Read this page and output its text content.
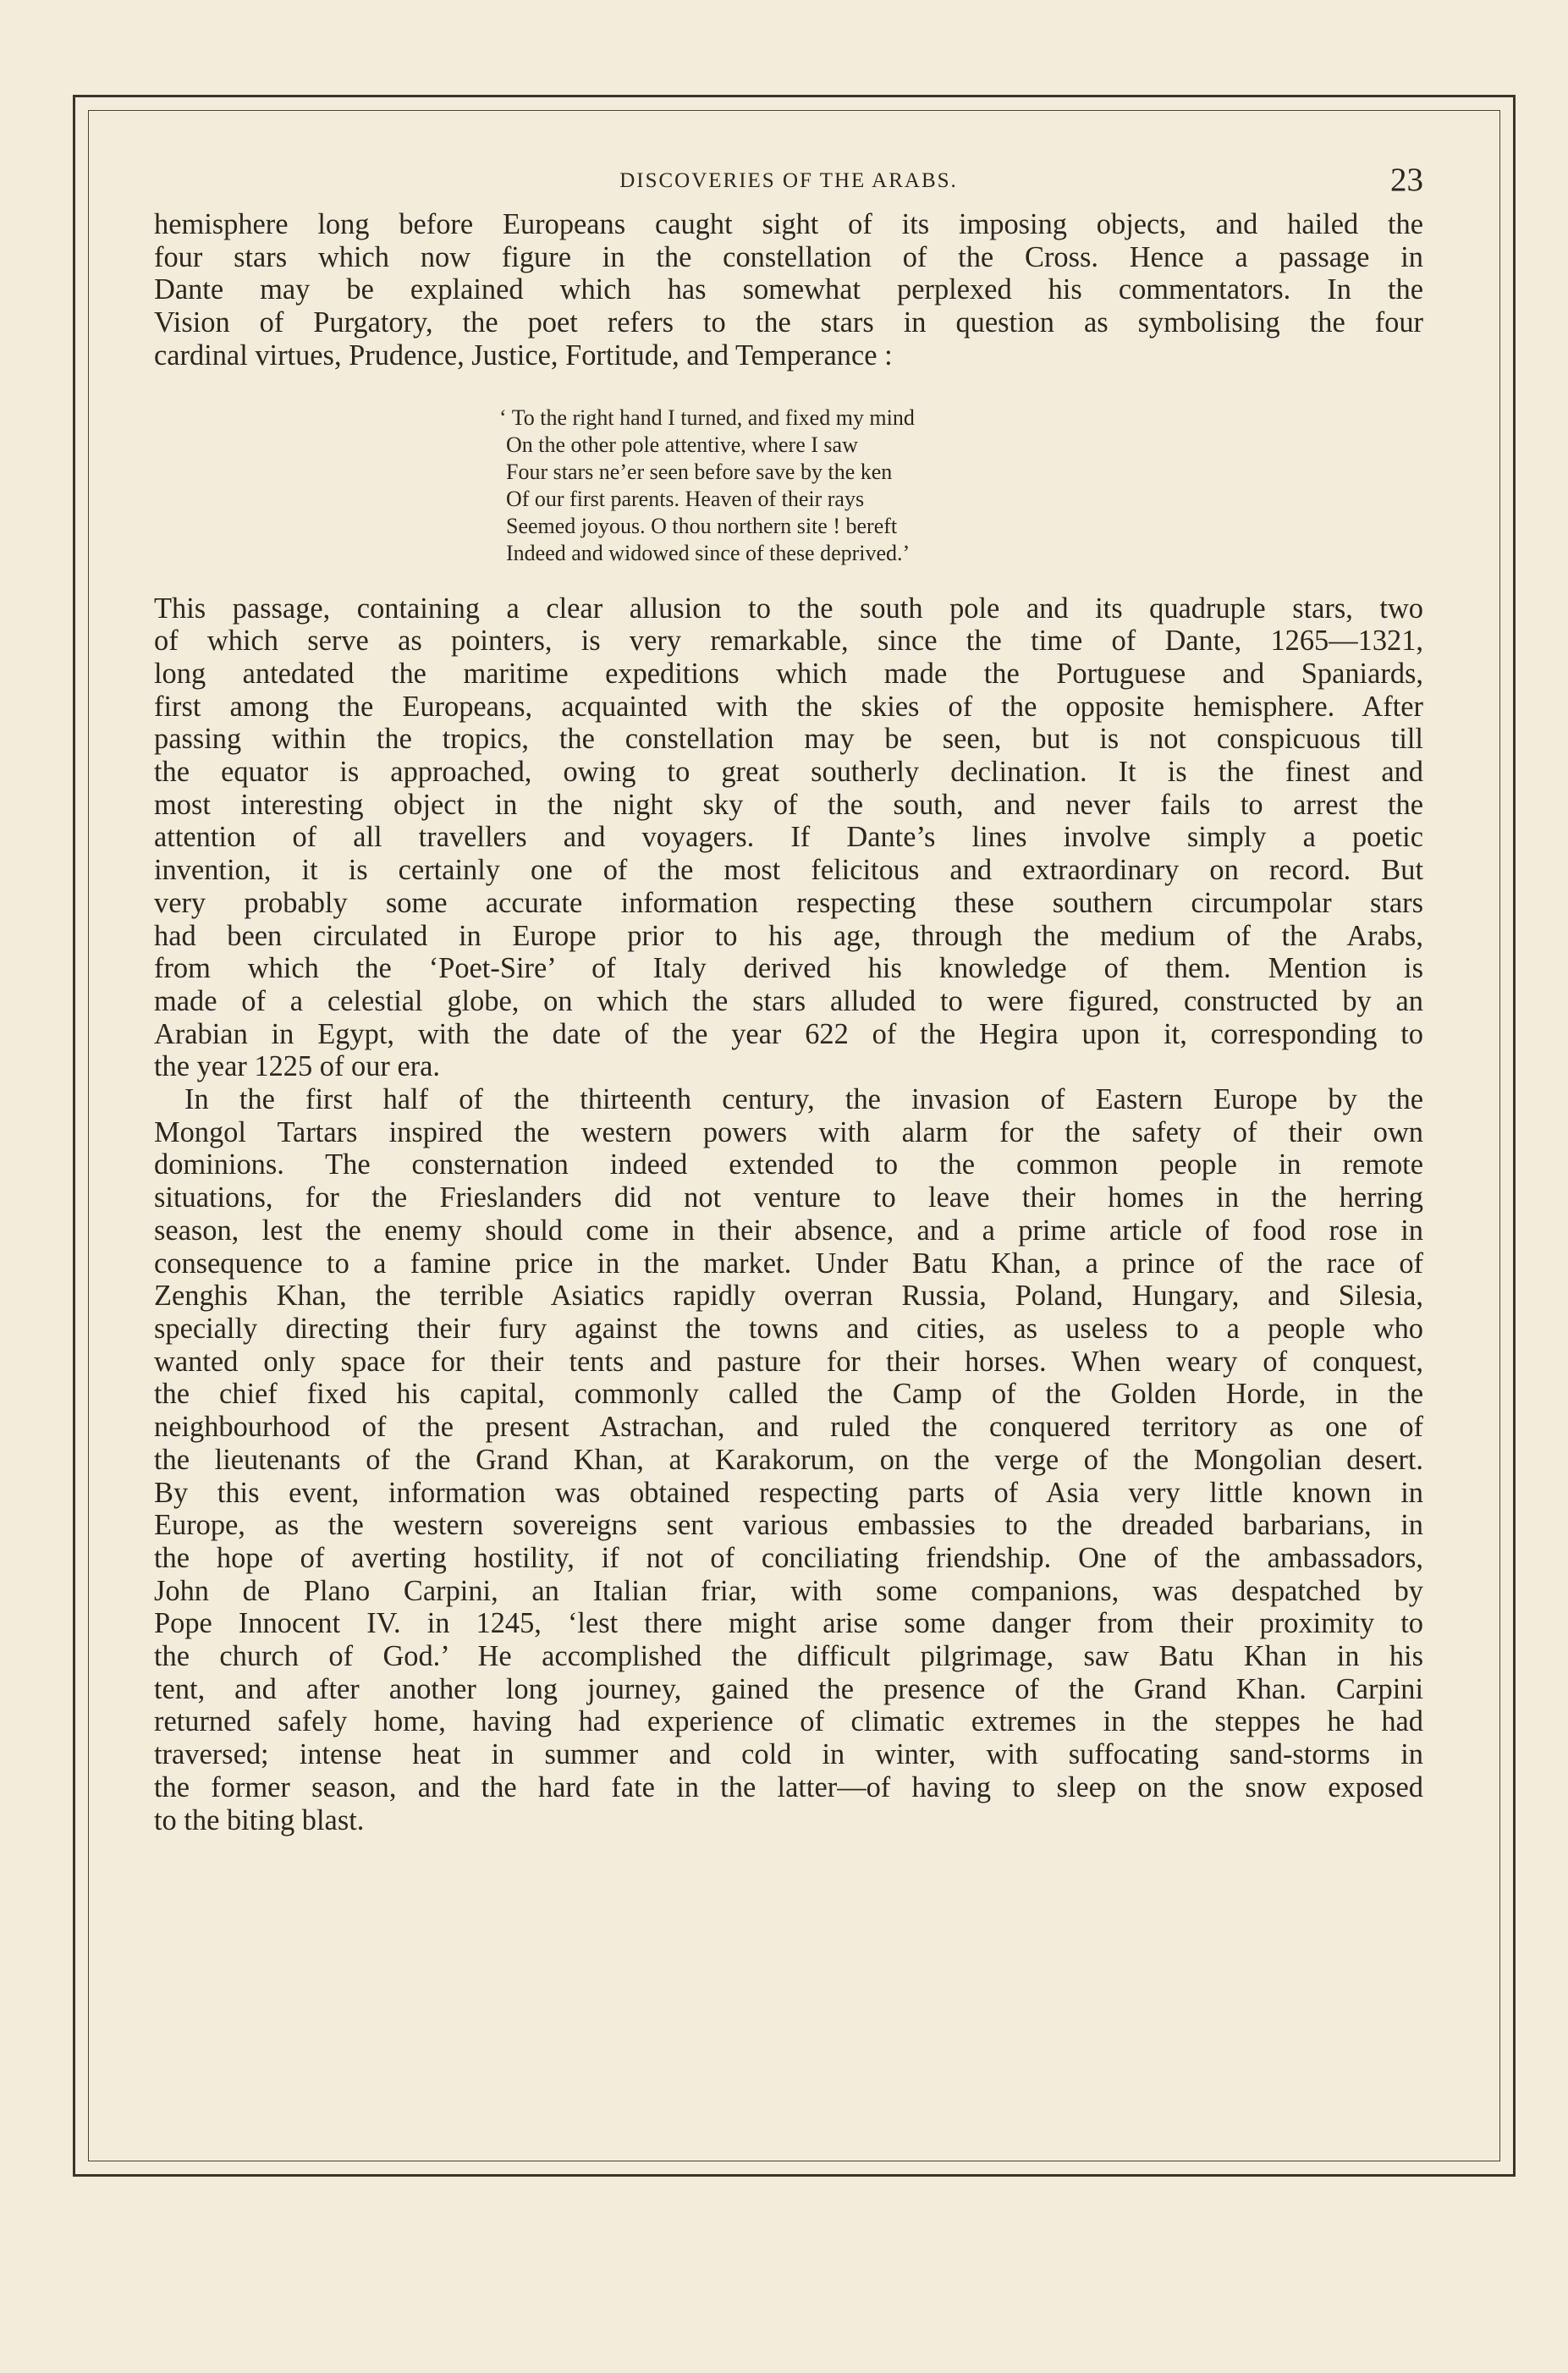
DISCOVERIES OF THE ARABS.	23
hemisphere long before Europeans caught sight of its imposing objects, and hailed the
four stars which now figure in the constellation of the Cross. Hence a passage in
Dante may be explained which has somewhat perplexed his commentators. In the
Vision of Purgatory, the poet refers to the stars in question as symbolising the four
cardinal virtues, Prudence, Justice, Fortitude, and Temperance :
‘ To the right hand I turned, and fixed my mind
On the other pole attentive, where I saw
Four stars ne’er seen before save by the ken
Of our first parents. Heaven of their rays
Seemed joyous. O thou northern site ! bereft
Indeed and widowed since of these deprived.’
This passage, containing a clear allusion to the south pole and its quadruple stars, two
of which serve as pointers, is very remarkable, since the time of Dante, 1265—1321,
long antedated the maritime expeditions which made the Portuguese and Spaniards,
first among the Europeans, acquainted with the skies of the opposite hemisphere. After
passing within the tropics, the constellation may be seen, but is not conspicuous till
the equator is approached, owing to great southerly declination. It is the finest and
most interesting object in the night sky of the south, and never fails to arrest the
attention of all travellers and voyagers. If Dante’s lines involve simply a poetic
invention, it is certainly one of the most felicitous and extraordinary on record. But
very probably some accurate information respecting these southern circumpolar stars
had been circulated in Europe prior to his age, through the medium of the Arabs,
from which the ‘Poet-Sire’ of Italy derived his knowledge of them. Mention is
made of a celestial globe, on which the stars alluded to were figured, constructed by an
Arabian in Egypt, with the date of the year 622 of the Hegira upon it, corresponding to
the year 1225 of our era.
In the first half of the thirteenth century, the invasion of Eastern Europe by the
Mongol Tartars inspired the western powers with alarm for the safety of their own
dominions. The consternation indeed extended to the common people in remote
situations, for the Frieslanders did not venture to leave their homes in the herring
season, lest the enemy should come in their absence, and a prime article of food rose in
consequence to a famine price in the market. Under Batu Khan, a prince of the race of
Zenghis Khan, the terrible Asiatics rapidly overran Russia, Poland, Hungary, and Silesia,
specially directing their fury against the towns and cities, as useless to a people who
wanted only space for their tents and pasture for their horses. When weary of conquest,
the chief fixed his capital, commonly called the Camp of the Golden Horde, in the
neighbourhood of the present Astrachan, and ruled the conquered territory as one of
the lieutenants of the Grand Khan, at Karakorum, on the verge of the Mongolian desert.
By this event, information was obtained respecting parts of Asia very little known in
Europe, as the western sovereigns sent various embassies to the dreaded barbarians, in
the hope of averting hostility, if not of conciliating friendship. One of the ambassadors,
John de Plano Carpini, an Italian friar, with some companions, was despatched by
Pope Innocent IV. in 1245, ‘lest there might arise some danger from their proximity to
the church of God.’ He accomplished the difficult pilgrimage, saw Batu Khan in his
tent, and after another long journey, gained the presence of the Grand Khan. Carpini
returned safely home, having had experience of climatic extremes in the steppes he had
traversed; intense heat in summer and cold in winter, with suffocating sand-storms in
the former season, and the hard fate in the latter—of having to sleep on the snow exposed
to the biting blast.
